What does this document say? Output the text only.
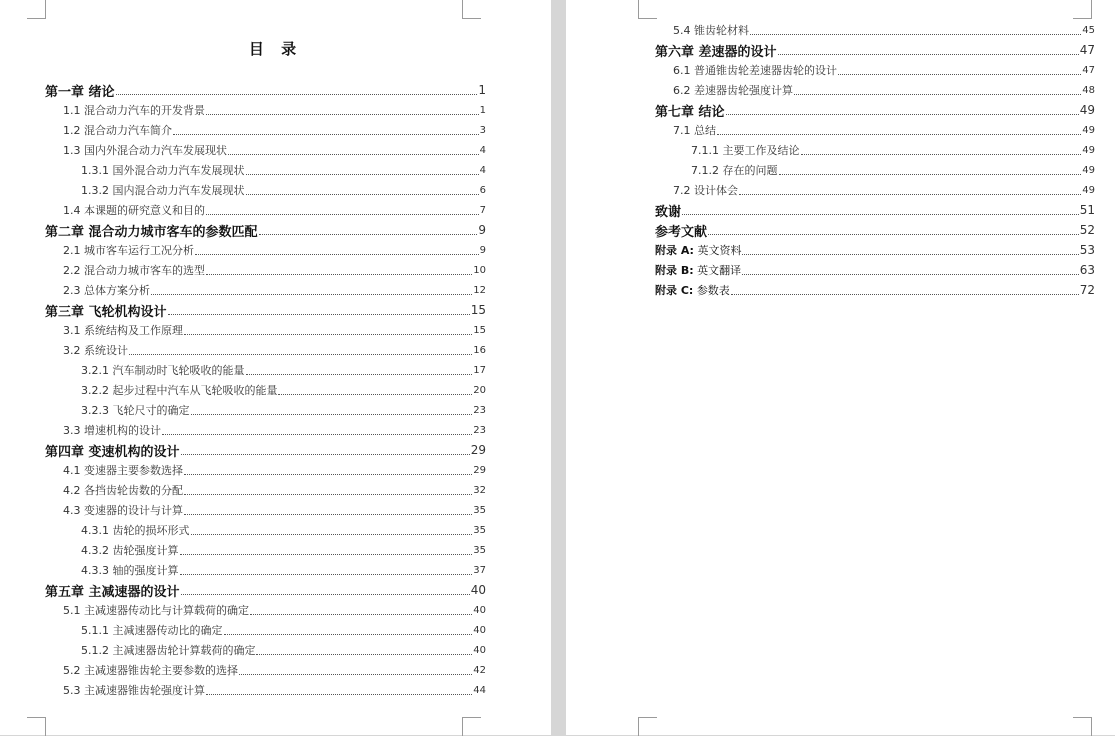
目 录
第一章 绪论	1
1.1 混合动力汽车的开发背景	1
1.2 混合动力汽车简介	3
1.3 国内外混合动力汽车发展现状	4
1.3.1 国外混合动力汽车发展现状	4
1.3.2 国内混合动力汽车发展现状	6
1.4 本课题的研究意义和目的	7
第二章 混合动力城市客车的参数匹配	9
2.1 城市客车运行工况分析	9
2.2 混合动力城市客车的选型	10
2.3 总体方案分析	12
第三章 飞轮机构设计	15
3.1 系统结构及工作原理	15
3.2 系统设计	16
3.2.1 汽车制动时飞轮吸收的能量	17
3.2.2 起步过程中汽车从飞轮吸收的能量	20
3.2.3 飞轮尺寸的确定	23
3.3 增速机构的设计	23
第四章 变速机构的设计	29
4.1 变速器主要参数选择	29
4.2 各挡齿轮齿数的分配	32
4.3 变速器的设计与计算	35
4.3.1 齿轮的损坏形式	35
4.3.2 齿轮强度计算	35
4.3.3 轴的强度计算	37
第五章 主减速器的设计	40
5.1 主减速器传动比与计算载荷的确定	40
5.1.1 主减速器传动比的确定	40
5.1.2 主减速器齿轮计算载荷的确定	40
5.2 主减速器锥齿轮主要参数的选择	42
5.3 主减速器锥齿轮强度计算	44
5.4 锥齿轮材料	45
第六章 差速器的设计	47
6.1 普通锥齿轮差速器齿轮的设计	47
6.2 差速器齿轮强度计算	48
第七章 结论	49
7.1 总结	49
7.1.1 主要工作及结论	49
7.1.2 存在的问题	49
7.2 设计体会	49
致谢	51
参考文献	52
附录 A: 英文资料	53
附录 B: 英文翻译	63
附录 C: 参数表	72
